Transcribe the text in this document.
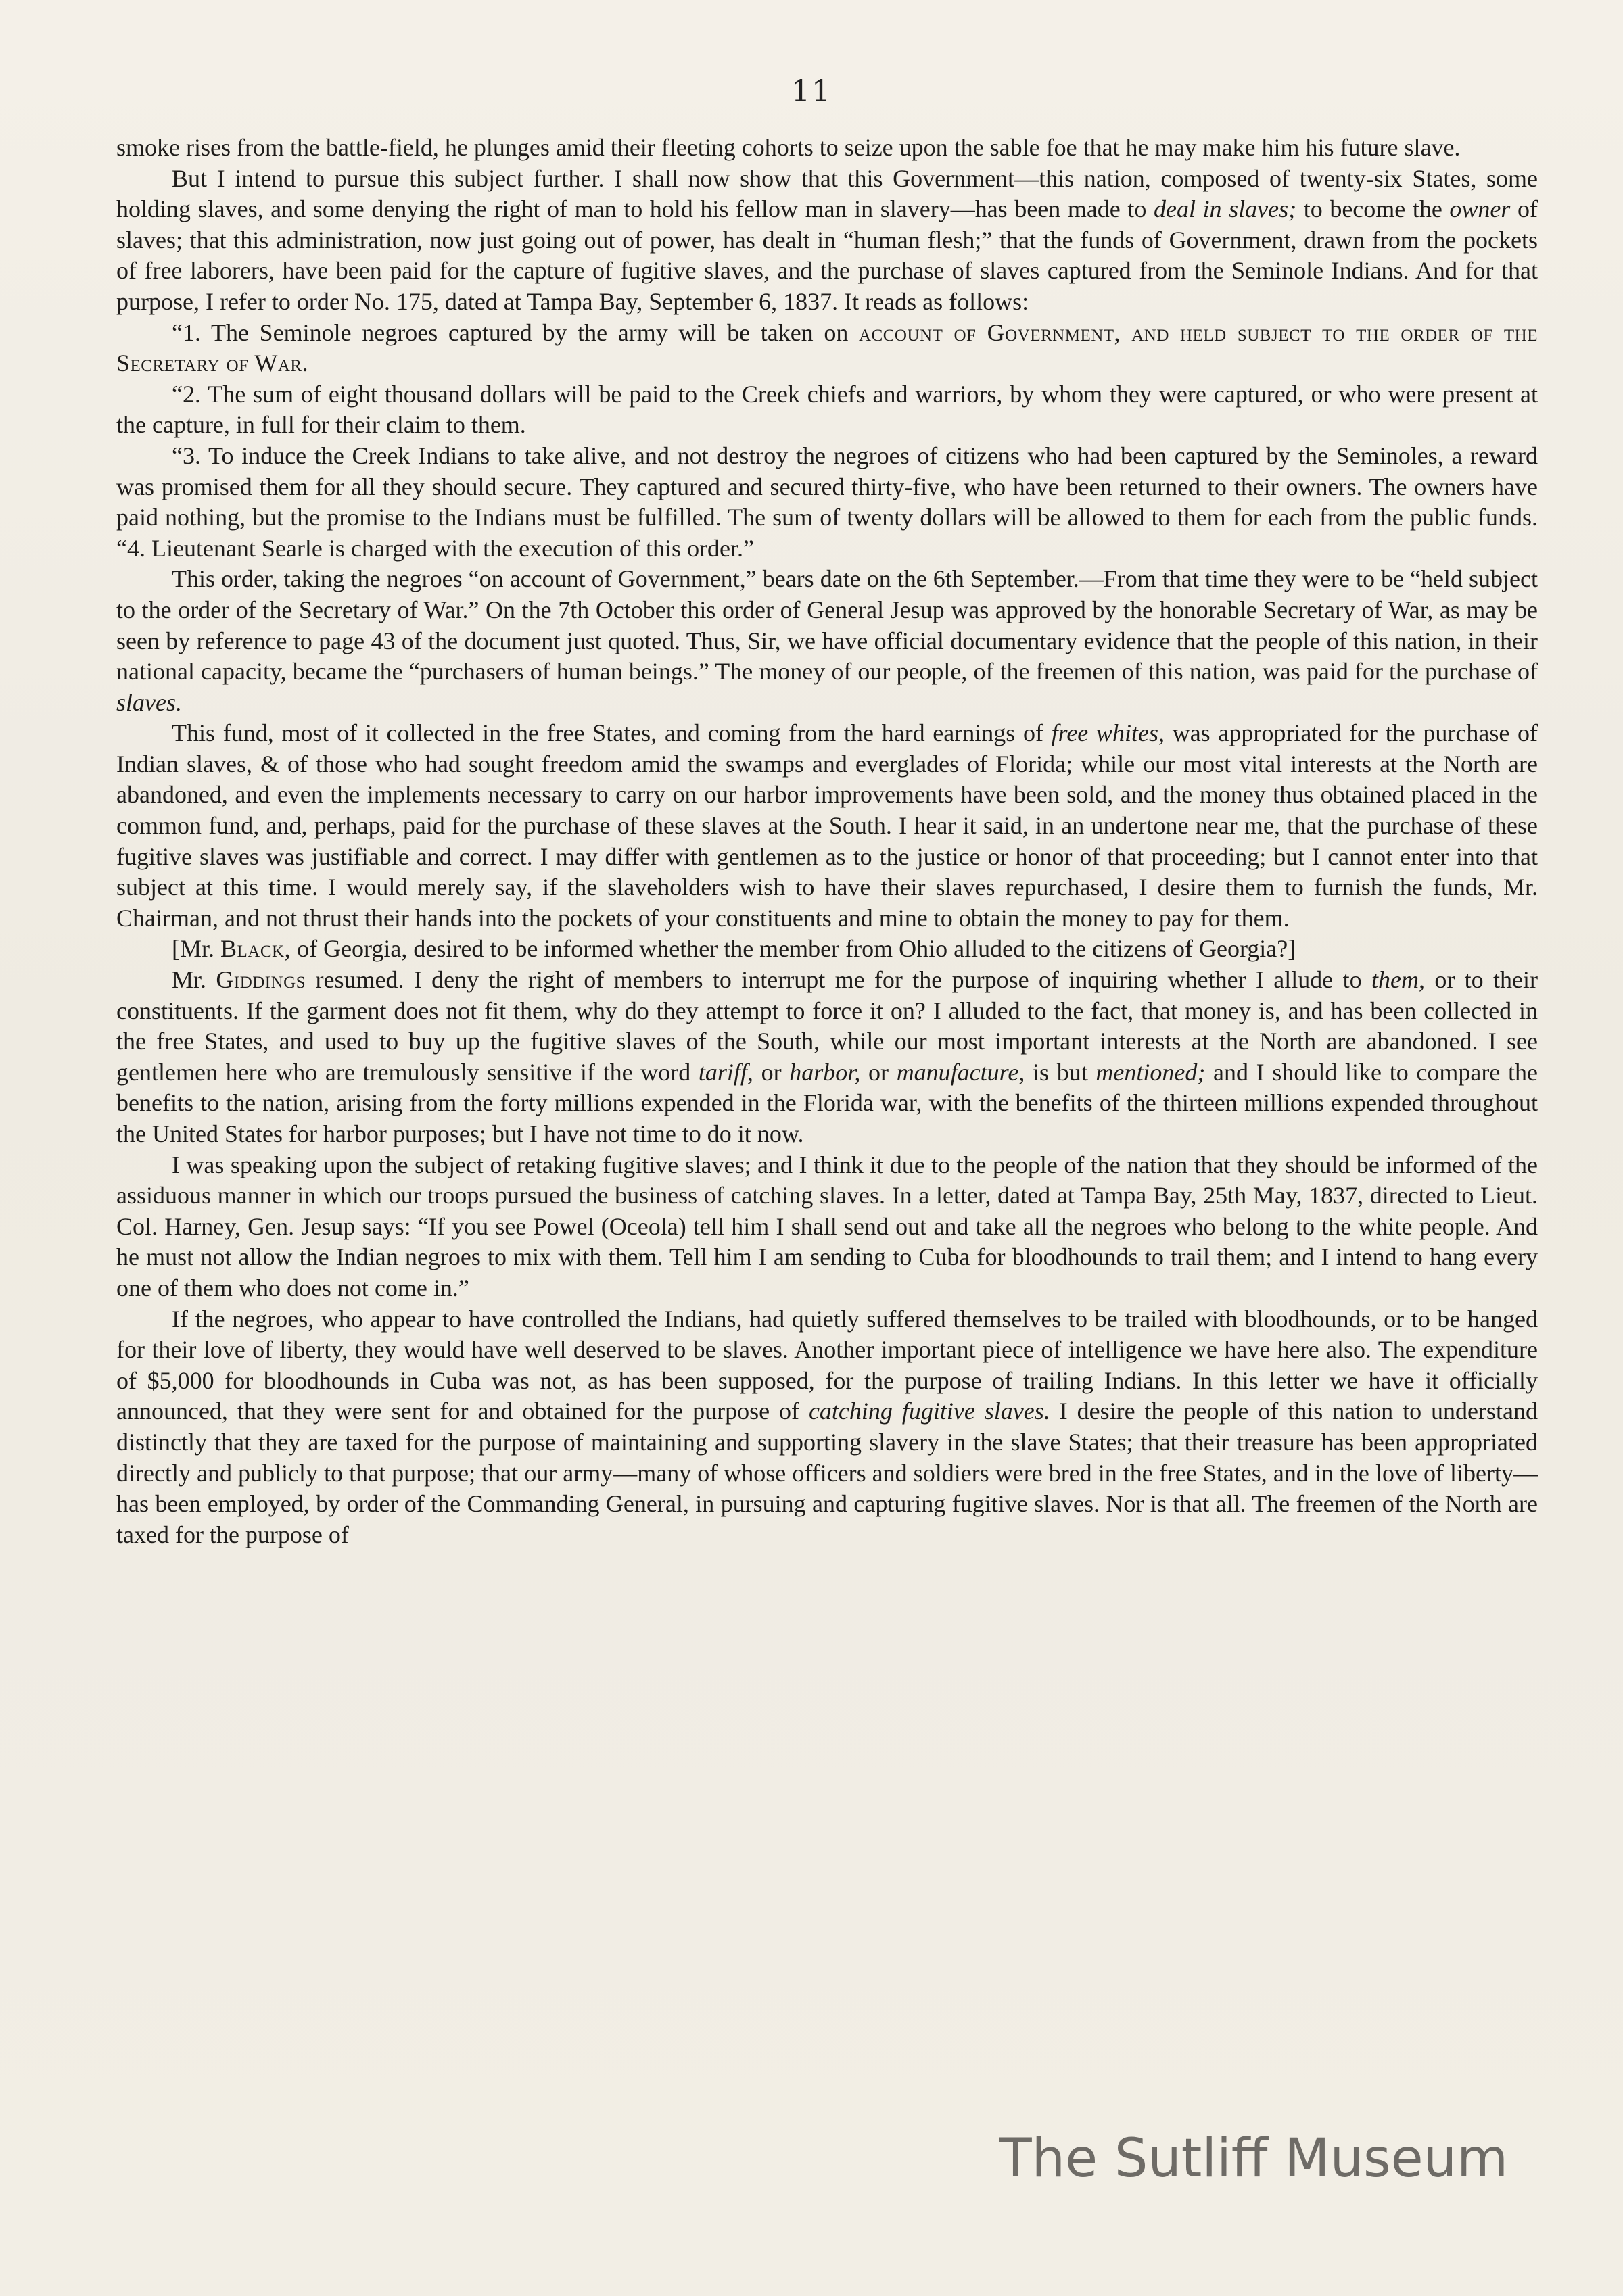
11

smoke rises from the battle-field, he plunges amid their fleeting cohorts to seize upon the sable foe that he may make him his future slave.

But I intend to pursue this subject further. I shall now show that this Government—this nation, composed of twenty-six States, some holding slaves, and some denying the right of man to hold his fellow man in slavery—has been made to deal in slaves; to become the owner of slaves; that this administration, now just going out of power, has dealt in “human flesh;” that the funds of Government, drawn from the pockets of free laborers, have been paid for the capture of fugitive slaves, and the purchase of slaves captured from the Seminole Indians. And for that purpose, I refer to order No. 175, dated at Tampa Bay, September 6, 1837. It reads as follows:

“1. The Seminole negroes captured by the army will be taken on account of Government, and held subject to the order of the Secretary of War.

“2. The sum of eight thousand dollars will be paid to the Creek chiefs and warriors, by whom they were captured, or who were present at the capture, in full for their claim to them.

“3. To induce the Creek Indians to take alive, and not destroy the negroes of citizens who had been captured by the Seminoles, a reward was promised them for all they should secure. They captured and secured thirty-five, who have been returned to their owners. The owners have paid nothing, but the promise to the Indians must be fulfilled. The sum of twenty dollars will be allowed to them for each from the public funds. “4. Lieutenant Searle is charged with the execution of this order.”

This order, taking the negroes “on account of Government,” bears date on the 6th September.—From that time they were to be “held subject to the order of the Secretary of War.” On the 7th October this order of General Jesup was approved by the honorable Secretary of War, as may be seen by reference to page 43 of the document just quoted. Thus, Sir, we have official documentary evidence that the people of this nation, in their national capacity, became the “purchasers of human beings.” The money of our people, of the freemen of this nation, was paid for the purchase of slaves.

This fund, most of it collected in the free States, and coming from the hard earnings of free whites, was appropriated for the purchase of Indian slaves, & of those who had sought freedom amid the swamps and everglades of Florida; while our most vital interests at the North are abandoned, and even the implements necessary to carry on our harbor improvements have been sold, and the money thus obtained placed in the common fund, and, perhaps, paid for the purchase of these slaves at the South. I hear it said, in an undertone near me, that the purchase of these fugitive slaves was justifiable and correct. I may differ with gentlemen as to the justice or honor of that proceeding; but I cannot enter into that subject at this time. I would merely say, if the slaveholders wish to have their slaves repurchased, I desire them to furnish the funds, Mr. Chairman, and not thrust their hands into the pockets of your constituents and mine to obtain the money to pay for them.

[Mr. Black, of Georgia, desired to be informed whether the member from Ohio alluded to the citizens of Georgia?]

Mr. Giddings resumed. I deny the right of members to interrupt me for the purpose of inquiring whether I allude to them, or to their constituents. If the garment does not fit them, why do they attempt to force it on? I alluded to the fact, that money is, and has been collected in the free States, and used to buy up the fugitive slaves of the South, while our most important interests at the North are abandoned. I see gentlemen here who are tremulously sensitive if the word tariff, or harbor, or manufacture, is but mentioned; and I should like to compare the benefits to the nation, arising from the forty millions expended in the Florida war, with the benefits of the thirteen millions expended throughout the United States for harbor purposes; but I have not time to do it now.

I was speaking upon the subject of retaking fugitive slaves; and I think it due to the people of the nation that they should be informed of the assiduous manner in which our troops pursued the business of catching slaves. In a letter, dated at Tampa Bay, 25th May, 1837, directed to Lieut. Col. Harney, Gen. Jesup says: “If you see Powel (Oceola) tell him I shall send out and take all the negroes who belong to the white people. And he must not allow the Indian negroes to mix with them. Tell him I am sending to Cuba for bloodhounds to trail them; and I intend to hang every one of them who does not come in.”

If the negroes, who appear to have controlled the Indians, had quietly suffered themselves to be trailed with bloodhounds, or to be hanged for their love of liberty, they would have well deserved to be slaves. Another important piece of intelligence we have here also. The expenditure of $5,000 for bloodhounds in Cuba was not, as has been supposed, for the purpose of trailing Indians. In this letter we have it officially announced, that they were sent for and obtained for the purpose of catching fugitive slaves. I desire the people of this nation to understand distinctly that they are taxed for the purpose of maintaining and supporting slavery in the slave States; that their treasure has been appropriated directly and publicly to that purpose; that our army—many of whose officers and soldiers were bred in the free States, and in the love of liberty—has been employed, by order of the Commanding General, in pursuing and capturing fugitive slaves. Nor is that all. The freemen of the North are taxed for the purpose of

The Sutliff Museum
